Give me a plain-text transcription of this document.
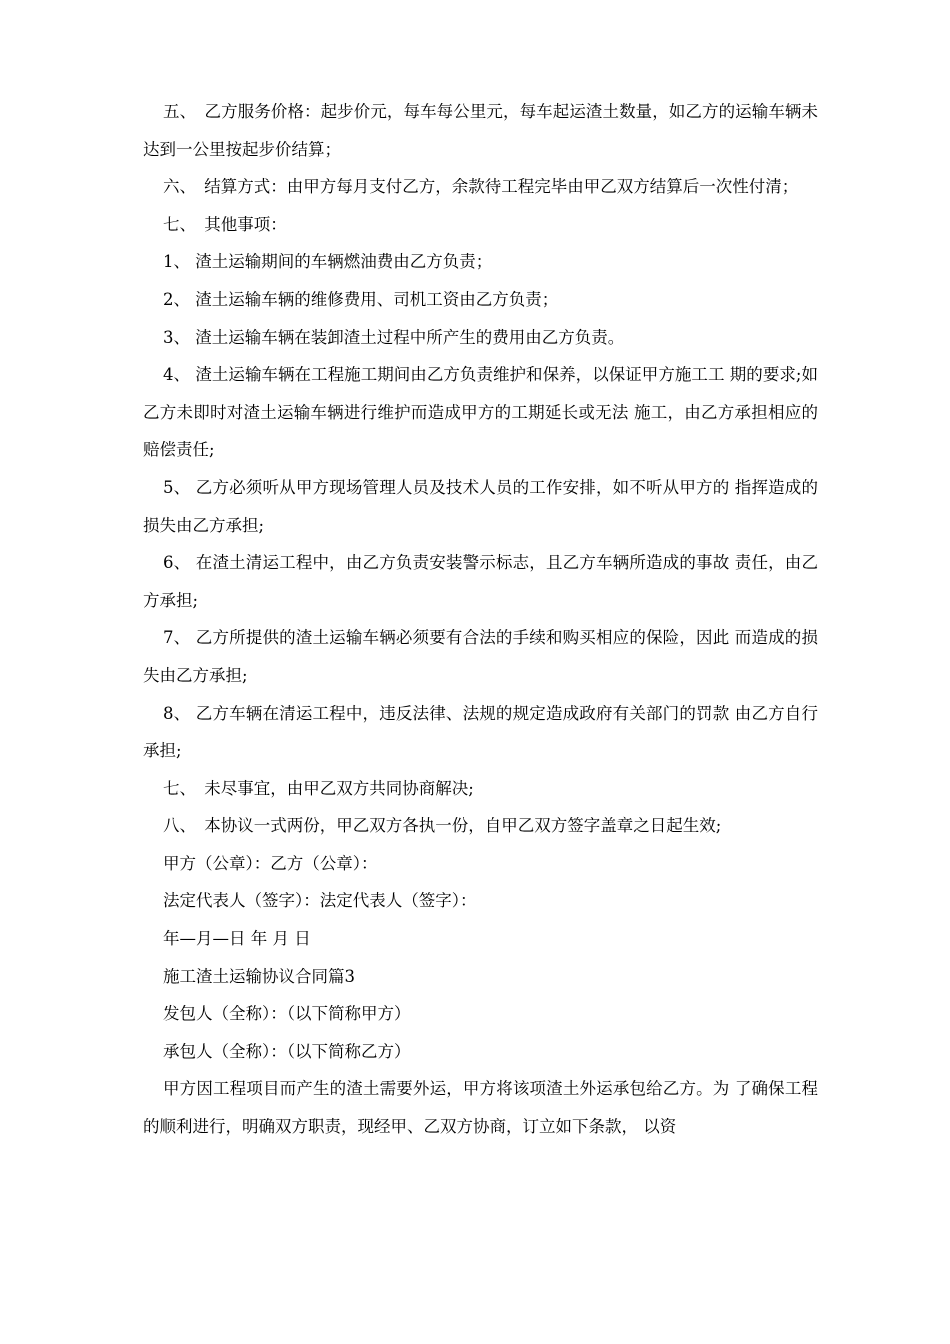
五、　乙方服务价格：起步价元，每车每公里元，每车起运渣土数量，如乙方的运输车辆未达到一公里按起步价结算；

六、　结算方式：由甲方每月支付乙方，余款待工程完毕由甲乙双方结算后一次性付清；

七、　其他事项：

1、 渣土运输期间的车辆燃油费由乙方负责；

2、 渣土运输车辆的维修费用、司机工资由乙方负责；

3、 渣土运输车辆在装卸渣土过程中所产生的费用由乙方负责。

4、 渣土运输车辆在工程施工期间由乙方负责维护和保养，以保证甲方施工工 期的要求;如乙方未即时对渣土运输车辆进行维护而造成甲方的工期延长或无法 施工，由乙方承担相应的赔偿责任;

5、 乙方必须听从甲方现场管理人员及技术人员的工作安排，如不听从甲方的 指挥造成的损失由乙方承担;

6、 在渣土清运工程中，由乙方负责安装警示标志，且乙方车辆所造成的事故 责任，由乙方承担;

7、 乙方所提供的渣土运输车辆必须要有合法的手续和购买相应的保险，因此 而造成的损失由乙方承担;

8、 乙方车辆在清运工程中，违反法律、法规的规定造成政府有关部门的罚款 由乙方自行承担;

七、　未尽事宜，由甲乙双方共同协商解决;

八、　本协议一式两份，甲乙双方各执一份，自甲乙双方签字盖章之日起生效;

甲方（公章）：乙方（公章）：

法定代表人（签字）：法定代表人（签字）：

年—月—日 年 月 日

施工渣土运输协议合同篇3

发包人（全称）：（以下简称甲方）

承包人（全称）：（以下简称乙方）

甲方因工程项目而产生的渣土需要外运，甲方将该项渣土外运承包给乙方。为 了确保工程的顺利进行，明确双方职责，现经甲、乙双方协商，订立如下条款， 以资
